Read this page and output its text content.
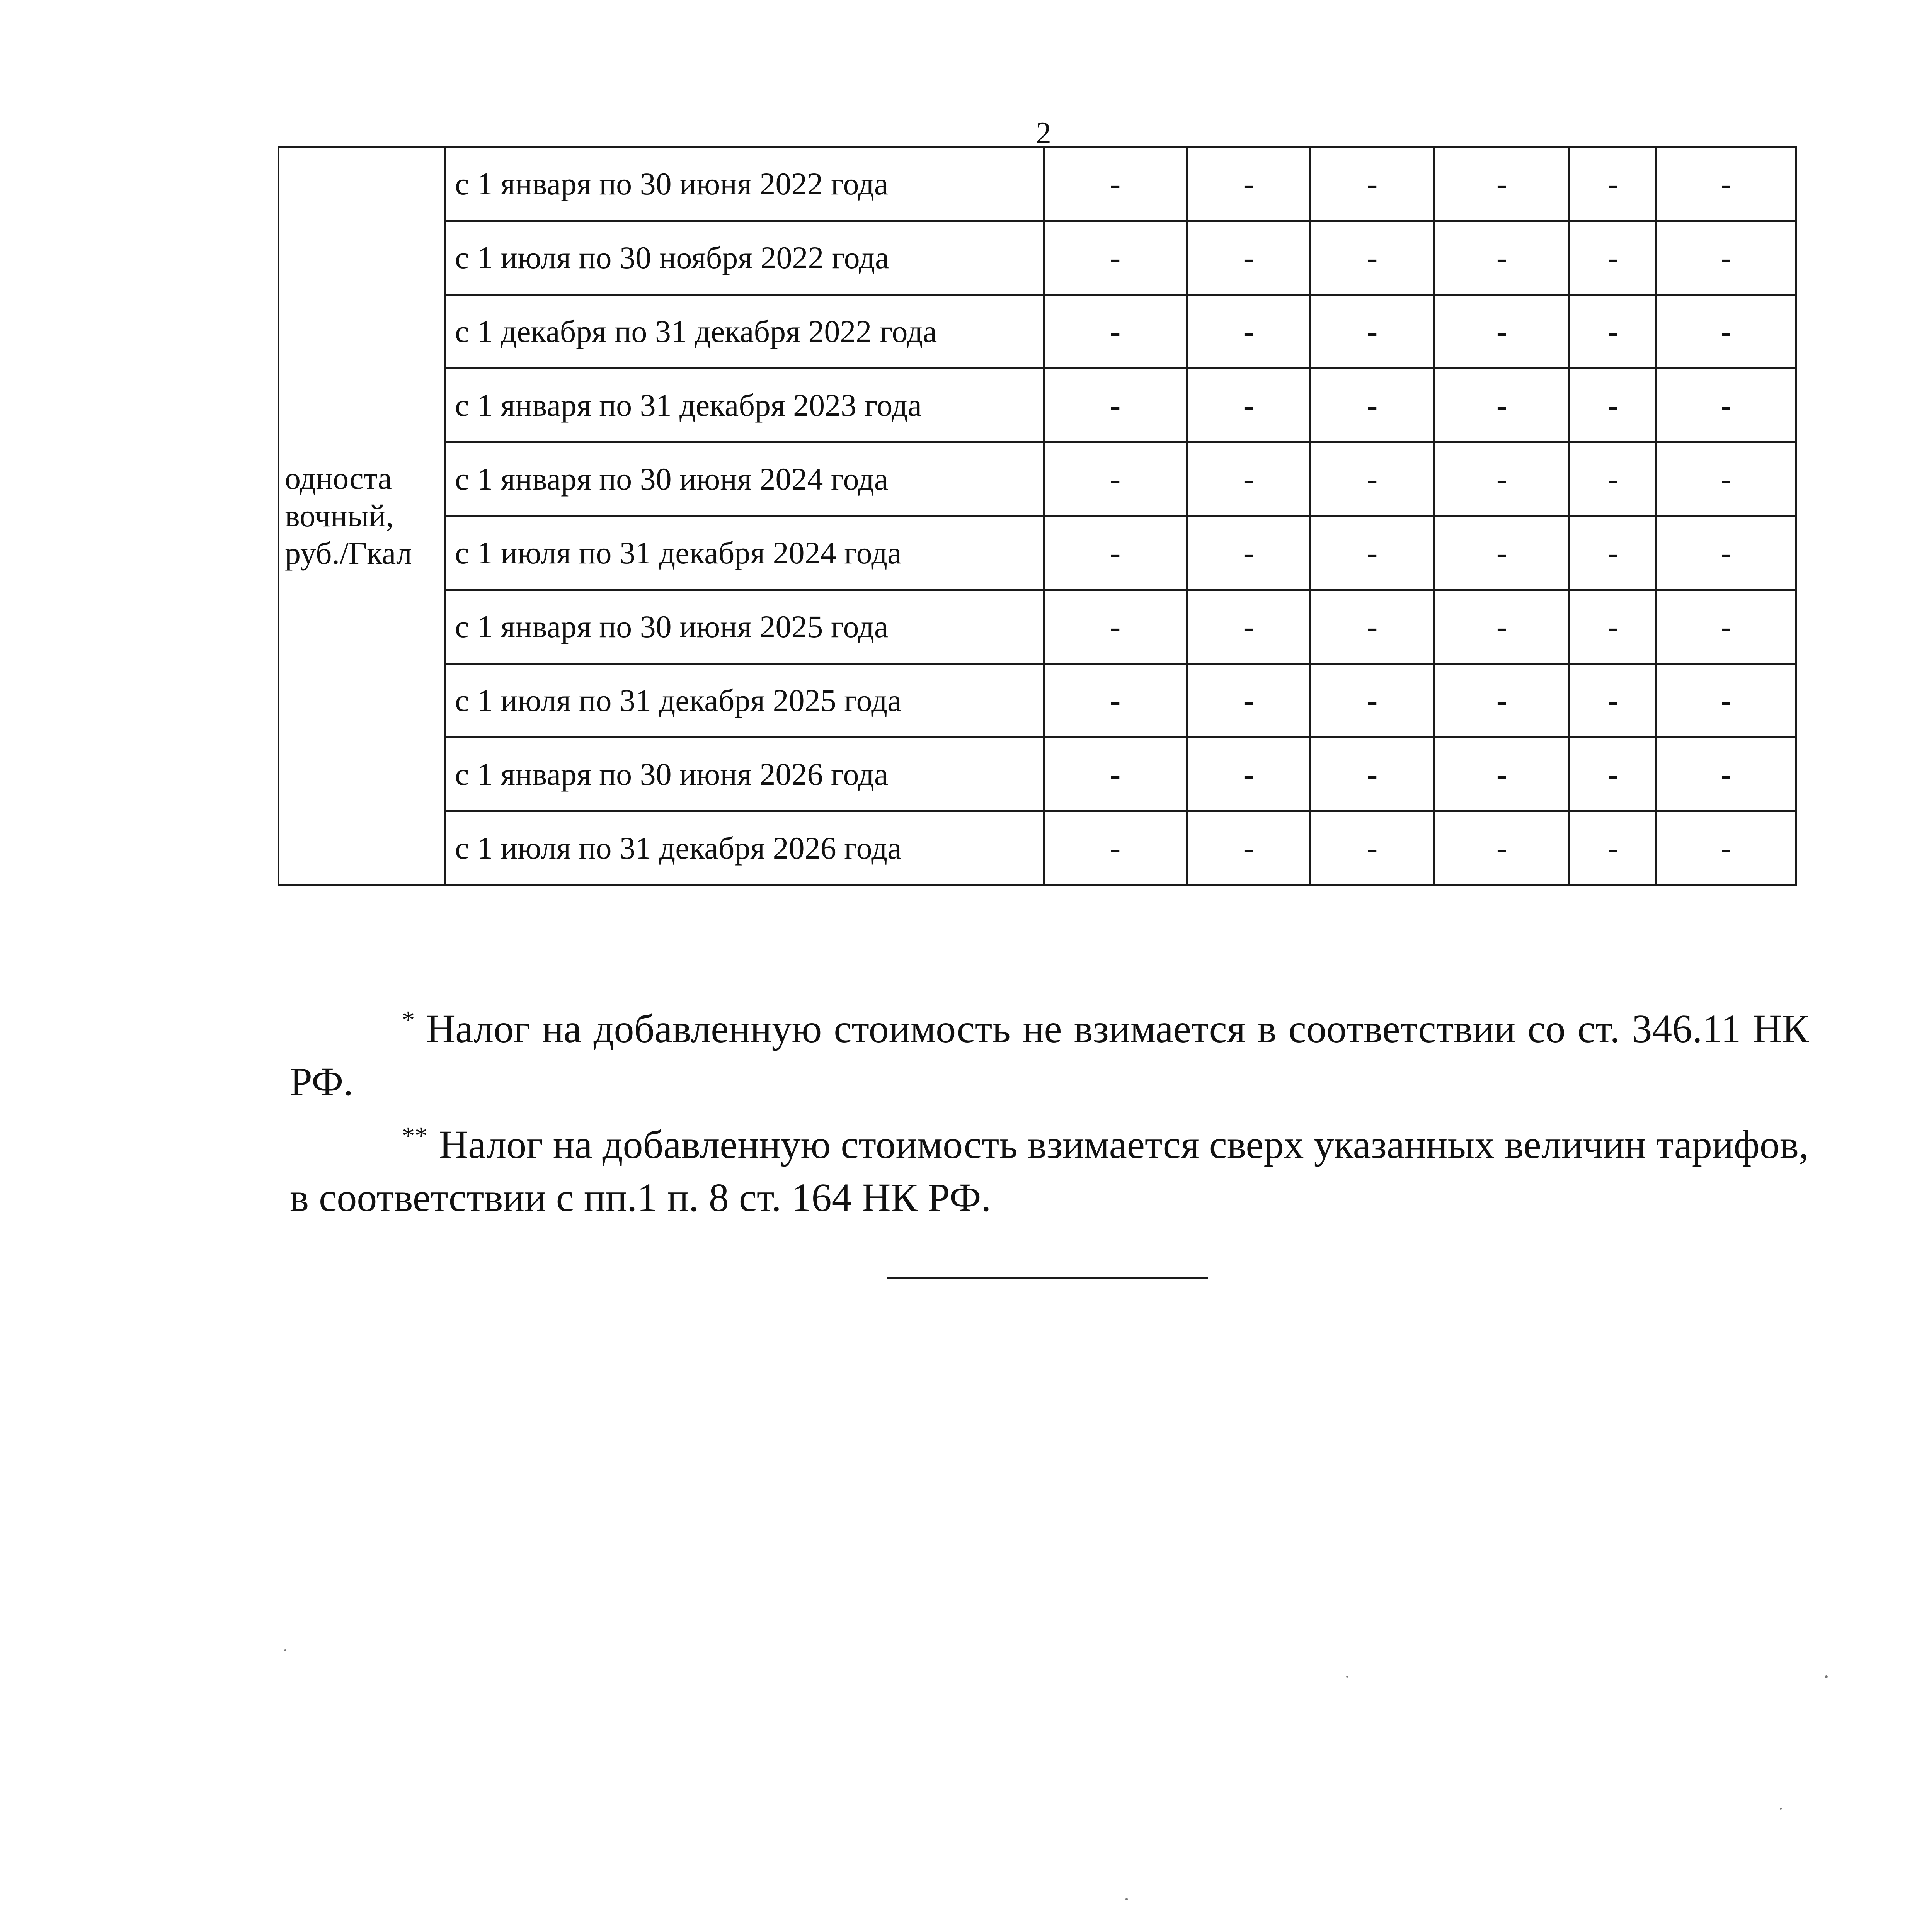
2
односта
вочный,
руб./Гкал	с 1 января по 30 июня 2022 года	-	-	-	-	-	-
	с 1 июля по 30 ноября 2022 года	-	-	-	-	-	-
	с 1 декабря по 31 декабря 2022 года	-	-	-	-	-	-
	с 1 января по 31 декабря 2023 года	-	-	-	-	-	-
	с 1 января по 30 июня 2024 года	-	-	-	-	-	-
	с 1 июля по 31 декабря 2024 года	-	-	-	-	-	-
	с 1 января по 30 июня 2025 года	-	-	-	-	-	-
	с 1 июля по 31 декабря 2025 года	-	-	-	-	-	-
	с 1 января по 30 июня 2026 года	-	-	-	-	-	-
	с 1 июля по 31 декабря 2026 года	-	-	-	-	-	-

* Налог на добавленную стоимость не взимается в соответствии со ст. 346.11 НК РФ.

** Налог на добавленную стоимость взимается сверх указанных величин тарифов, в соответствии с пп.1 п. 8 ст. 164 НК РФ.
